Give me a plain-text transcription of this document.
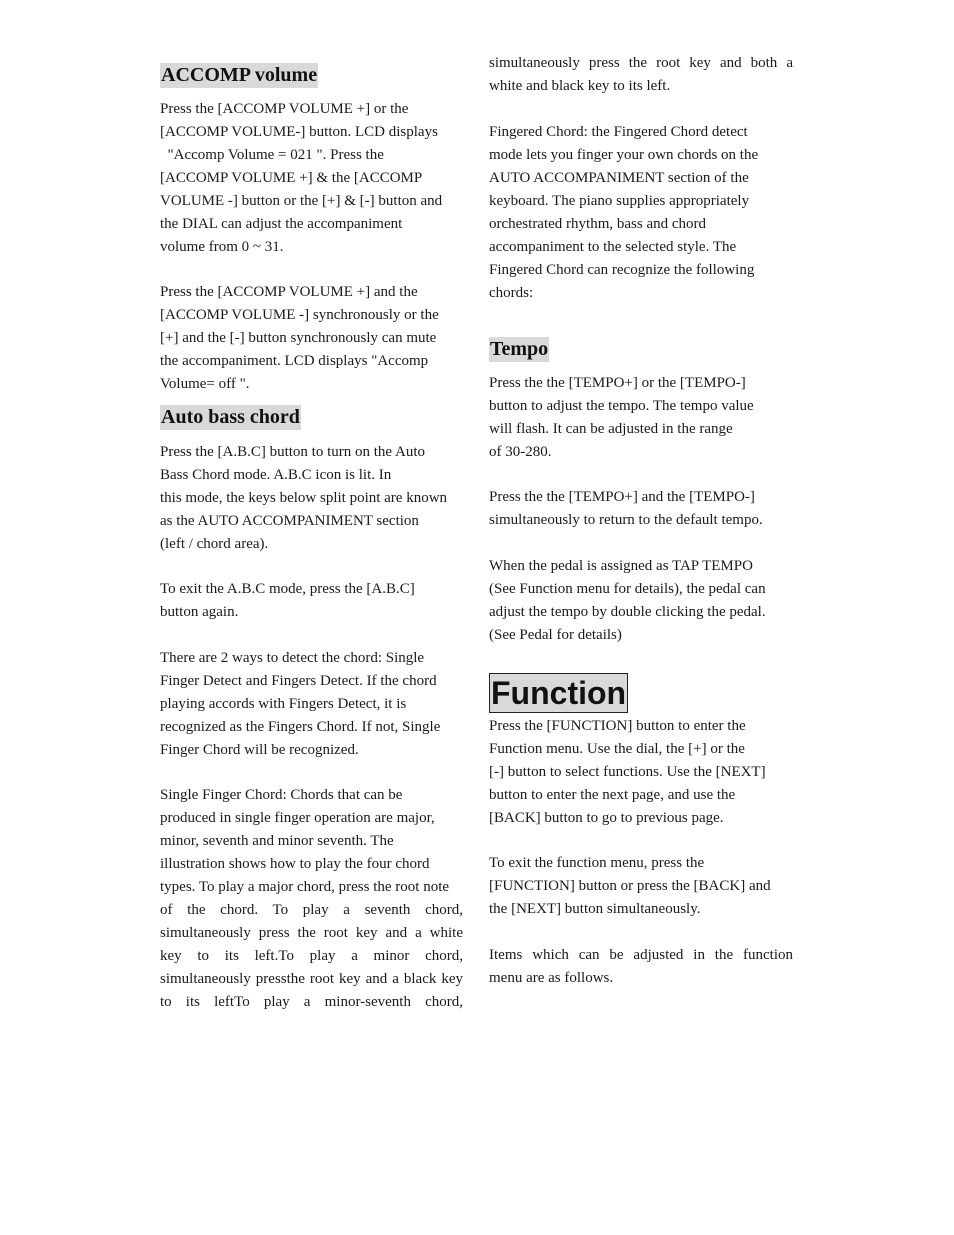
ACCOMP volume
Press the [ACCOMP VOLUME +] or the
[ACCOMP VOLUME-] button. LCD displays
"Accomp Volume = 021 ". Press the
[ACCOMP VOLUME +] & the [ACCOMP
VOLUME -] button or the [+] & [-] button and
the DIAL can adjust the accompaniment
volume from 0 ~ 31.
Press the [ACCOMP VOLUME +] and the
[ACCOMP VOLUME -] synchronously or the
[+] and the [-] button synchronously can mute
the accompaniment. LCD displays "Accomp
Volume= off ".
Auto bass chord
Press the [A.B.C] button to turn on the Auto
Bass Chord mode. A.B.C icon is lit. In
this mode, the keys below split point are known
as the AUTO ACCOMPANIMENT section
(left / chord area).
To exit the A.B.C mode, press the [A.B.C]
button again.
There are 2 ways to detect the chord: Single
Finger Detect and Fingers Detect. If the chord
playing accords with Fingers Detect, it is
recognized as the Fingers Chord. If not, Single
Finger Chord will be recognized.
Single Finger Chord: Chords that can be
produced in single finger operation are major,
minor, seventh and minor seventh. The
illustration shows how to play the four chord
types. To play a major chord, press the root note
of the chord. To play a seventh chord,
simultaneously press the root key and a white
key to its left.To play a minor chord,
simultaneously pressthe root key and a black key
to its leftTo play a minor-seventh chord,
simultaneously press the root key and both a
white and black key to its left.
Fingered Chord: the Fingered Chord detect
mode lets you finger your own chords on the
AUTO ACCOMPANIMENT section of the
keyboard. The piano supplies appropriately
orchestrated rhythm, bass and chord
accompaniment to the selected style. The
Fingered Chord can recognize the following
chords:
Tempo
Press the the [TEMPO+] or the [TEMPO-]
button to adjust the tempo. The tempo value
will flash. It can be adjusted in the range
of 30-280.
Press the the [TEMPO+] and the [TEMPO-]
simultaneously to return to the default tempo.
When the pedal is assigned as TAP TEMPO
(See Function menu for details), the pedal can
adjust the tempo by double clicking the pedal.
(See Pedal for details)
Function
Press the [FUNCTION] button to enter the
Function menu. Use the dial, the [+] or the
[-] button to select functions. Use the [NEXT]
button to enter the next page, and use the
[BACK] button to go to previous page.
To exit the function menu, press the
[FUNCTION] button or press the [BACK] and
the [NEXT] button simultaneously.
Items which can be adjusted in the function
menu are as follows.
